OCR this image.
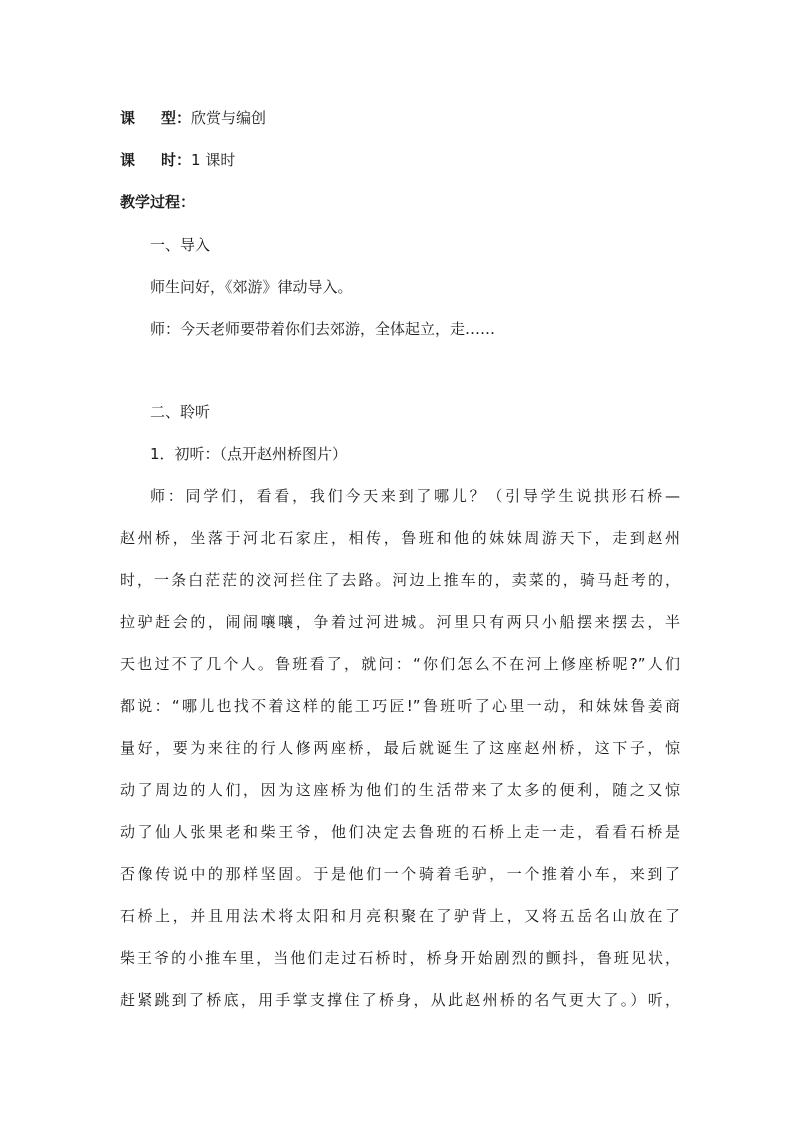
课 型：欣赏与编创
课 时：1 课时
教学过程：
一、导入
师生问好，《郊游》律动导入。
师：今天老师要带着你们去郊游，全体起立，走……
二、聆听
1．初听：（点开赵州桥图片）
师：同学们，看看，我们今天来到了哪儿？（引导学生说拱形石桥—
赵州桥，坐落于河北石家庄，相传，鲁班和他的妹妹周游天下，走到赵州
时，一条白茫茫的洨河拦住了去路。河边上推车的，卖菜的，骑马赶考的，
拉驴赶会的，闹闹嚷嚷，争着过河进城。河里只有两只小船摆来摆去，半
天也过不了几个人。鲁班看了，就问：“你们怎么不在河上修座桥呢?”人们
都说：“哪儿也找不着这样的能工巧匠!”鲁班听了心里一动，和妹妹鲁姜商
量好，要为来往的行人修两座桥，最后就诞生了这座赵州桥，这下子，惊
动了周边的人们，因为这座桥为他们的生活带来了太多的便利，随之又惊
动了仙人张果老和柴王爷，他们决定去鲁班的石桥上走一走，看看石桥是
否像传说中的那样坚固。于是他们一个骑着毛驴，一个推着小车，来到了
石桥上，并且用法术将太阳和月亮积聚在了驴背上，又将五岳名山放在了
柴王爷的小推车里，当他们走过石桥时，桥身开始剧烈的颤抖，鲁班见状，
赶紧跳到了桥底，用手掌支撑住了桥身，从此赵州桥的名气更大了。）听，
